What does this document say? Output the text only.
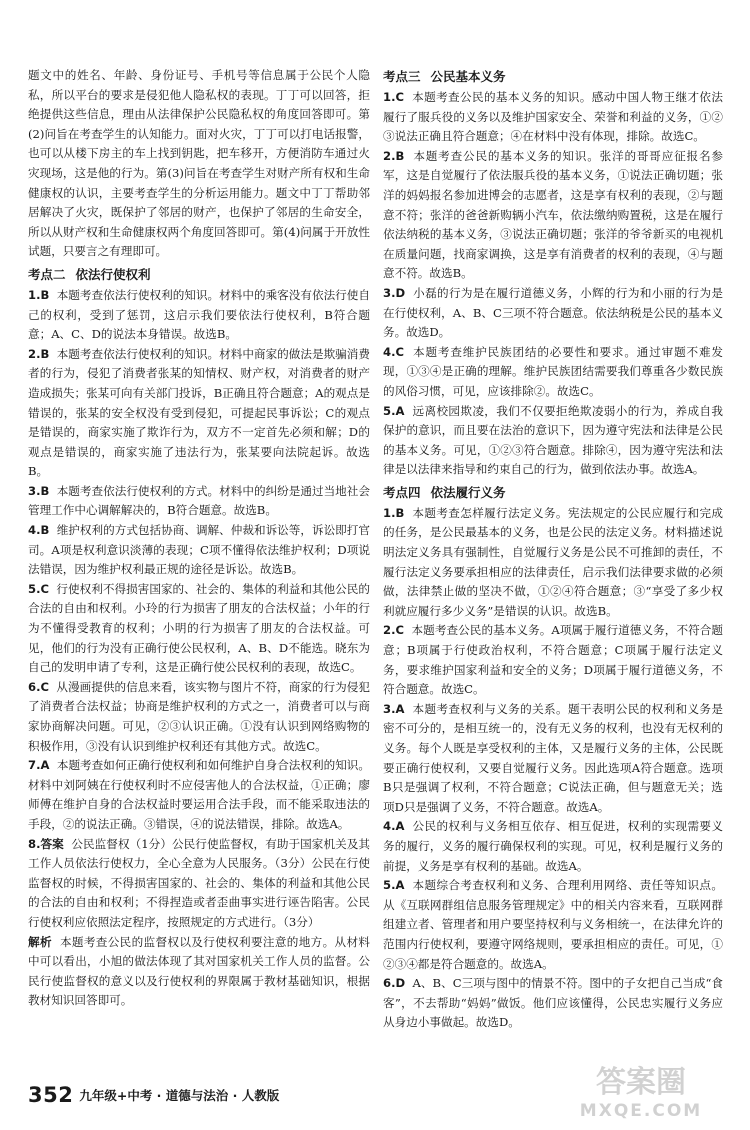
题文中的姓名、年龄、身份证号、手机号等信息属于公民个人隐私，所以平台的要求是侵犯他人隐私权的表现。丁丁可以回答，拒绝提供这些信息，理由从法律保护公民隐私权的角度回答即可。第(2)问旨在考查学生的认知能力。面对火灾，丁丁可以打电话报警，也可以从楼下房主的车上找到钥匙，把车移开，方便消防车通过火灾现场，这是他的行为。第(3)问旨在考查学生对财产所有权和生命健康权的认识，主要考查学生的分析运用能力。题文中丁丁帮助邻居解决了火灾，既保护了邻居的财产，也保护了邻居的生命安全，所以从财产权和生命健康权两个角度回答即可。第(4)问属于开放性试题，只要言之有理即可。

考点二 依法行使权利

1.B 本题考查依法行使权利的知识。材料中的乘客没有依法行使自己的权利，受到了惩罚，这启示我们要依法行使权利，B符合题意；A、C、D的说法本身错误。故选B。

2.B 本题考查依法行使权利的知识。材料中商家的做法是欺骗消费者的行为，侵犯了消费者张某的知情权、财产权，对消费者的财产造成损失；张某可向有关部门投诉，B正确且符合题意；A的观点是错误的，张某的安全权没有受到侵犯，可提起民事诉讼；C的观点是错误的，商家实施了欺诈行为，双方不一定首先必须和解；D的观点是错误的，商家实施了违法行为，张某要向法院起诉。故选B。

3.B 本题考查依法行使权利的方式。材料中的纠纷是通过当地社会管理工作中心调解解决的，B符合题意。故选B。

4.B 维护权利的方式包括协商、调解、仲裁和诉讼等，诉讼即打官司。A项是权利意识淡薄的表现；C项不懂得依法维护权利；D项说法错误，因为维护权利最正规的途径是诉讼。故选B。

5.C 行使权利不得损害国家的、社会的、集体的利益和其他公民的合法的自由和权利。小玲的行为损害了朋友的合法权益；小年的行为不懂得受教育的权利；小明的行为损害了朋友的合法权益。可见，他们的行为没有正确行使公民权利，A、B、D不能选。晓东为自己的发明申请了专利，这是正确行使公民权利的表现，故选C。

6.C 从漫画提供的信息来看，该实物与图片不符，商家的行为侵犯了消费者合法权益；协商是维护权利的方式之一，消费者可以与商家协商解决问题。可见，②③认识正确。①没有认识到网络购物的积极作用，③没有认识到维护权利还有其他方式。故选C。

7.A 本题考查如何正确行使权利和如何维护自身合法权利的知识。材料中刘阿姨在行使权利时不应侵害他人的合法权益，①正确；廖师傅在维护自身的合法权益时要运用合法手段，而不能采取违法的手段，②的说法正确。③错误，④的说法错误，排除。故选A。

8.答案 公民监督权（1分）公民行使监督权，有助于国家机关及其工作人员依法行使权力，全心全意为人民服务。（3分）公民在行使监督权的时候，不得损害国家的、社会的、集体的利益和其他公民的合法的自由和权利；不得捏造或者歪曲事实进行诬告陷害。公民行使权利应依照法定程序，按照规定的方式进行。（3分）

解析 本题考查公民的监督权以及行使权利要注意的地方。从材料中可以看出，小旭的做法体现了其对国家机关工作人员的监督。公民行使监督权的意义以及行使权利的界限属于教材基础知识，根据教材知识回答即可。

考点三 公民基本义务

1.C 本题考查公民的基本义务的知识。感动中国人物王继才依法履行了服兵役的义务以及维护国家安全、荣誉和利益的义务，①②③说法正确且符合题意；④在材料中没有体现，排除。故选C。

2.B 本题考查公民的基本义务的知识。张洋的哥哥应征报名参军，这是自觉履行了依法服兵役的基本义务，①说法正确切题；张洋的妈妈报名参加进博会的志愿者，这是享有权利的表现，②与题意不符；张洋的爸爸新购辆小汽车，依法缴纳购置税，这是在履行依法纳税的基本义务，③说法正确切题；张洋的爷爷新买的电视机在质量问题，找商家调换，这是享有消费者的权利的表现，④与题意不符。故选B。

3.D 小磊的行为是在履行道德义务，小辉的行为和小丽的行为是在行使权利，A、B、C三项不符合题意。依法纳税是公民的基本义务。故选D。

4.C 本题考查维护民族团结的必要性和要求。通过审题不难发现，①③④是正确的理解。维护民族团结需要我们尊重各少数民族的风俗习惯，可见，应该排除②。故选C。

5.A 远离校园欺凌，我们不仅要拒绝欺凌弱小的行为，养成自我保护的意识，而且要在法治的意识下，因为遵守宪法和法律是公民的基本义务。可见，①②③符合题意。排除④，因为遵守宪法和法律是以法律来指导和约束自己的行为，做到依法办事。故选A。

考点四 依法履行义务

1.B 本题考查怎样履行法定义务。宪法规定的公民应履行和完成的任务，是公民最基本的义务，也是公民的法定义务。材料描述说明法定义务具有强制性，自觉履行义务是公民不可推卸的责任，不履行法定义务要承担相应的法律责任，启示我们法律要求做的必须做，法律禁止做的坚决不做，①②④符合题意；③“享受了多少权利就应履行多少义务”是错误的认识。故选B。

2.C 本题考查公民的基本义务。A项属于履行道德义务，不符合题意；B项属于行使政治权利，不符合题意；C项属于履行法定义务，要求维护国家利益和安全的义务；D项属于履行道德义务，不符合题意。故选C。

3.A 本题考查权利与义务的关系。题干表明公民的权利和义务是密不可分的，是相互统一的，没有无义务的权利，也没有无权利的义务。每个人既是享受权利的主体，又是履行义务的主体，公民既要正确行使权利，又要自觉履行义务。因此选项A符合题意。选项B只是强调了权利，不符合题意；C说法正确，但与题意无关；选项D只是强调了义务，不符合题意。故选A。

4.A 公民的权利与义务相互依存、相互促进，权利的实现需要义务的履行，义务的履行确保权利的实现。可见，权利是履行义务的前提，义务是享有权利的基础。故选A。

5.A 本题综合考查权利和义务、合理利用网络、责任等知识点。从《互联网群组信息服务管理规定》中的相关内容来看，互联网群组建立者、管理者和用户要坚持权利与义务相统一，在法律允许的范围内行使权利，要遵守网络规则，要承担相应的责任。可见，①②③④都是符合题意的。故选A。

6.D A、B、C三项与图中的情景不符。图中的子女把自己当成“食客”，不去帮助“妈妈”做饭。他们应该懂得，公民忠实履行义务应从身边小事做起。故选D。

352 九年级+中考 · 道德与法治 · 人教版	答案圈
MXQE.COM
